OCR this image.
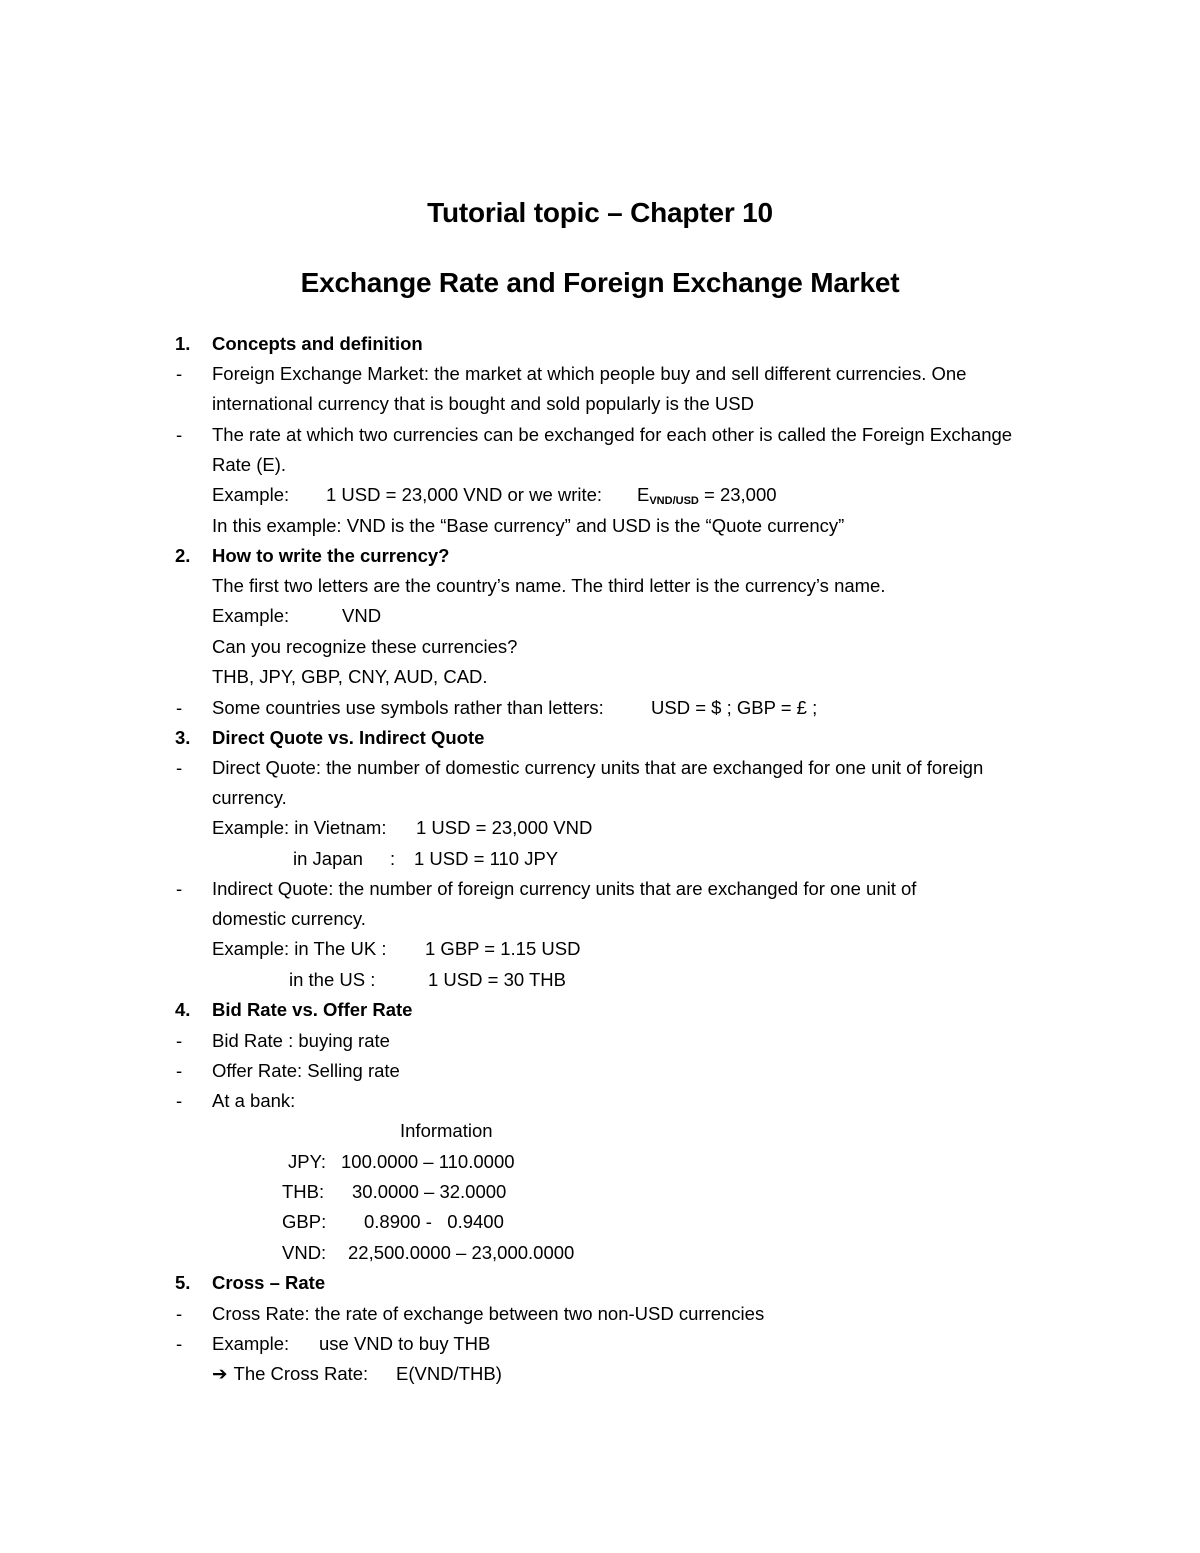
Tutorial topic – Chapter 10
Exchange Rate and Foreign Exchange Market
1. Concepts and definition
- Foreign Exchange Market: the market at which people buy and sell different currencies. One
international currency that is bought and sold popularly is the USD
- The rate at which two currencies can be exchanged for each other is called the Foreign Exchange
Rate (E).
Example: 1 USD = 23,000 VND or we write: $E_{VND/USD} = 23,000$
In this example: VND is the “Base currency” and USD is the “Quote currency”
2. How to write the currency?
The first two letters are the country’s name. The third letter is the currency’s name.
Example:	VND
Can you recognize these currencies?
THB, JPY, GBP, CNY, AUD, CAD.
- Some countries use symbols rather than letters:	USD = $ ; GBP = £ ;
3. Direct Quote vs. Indirect Quote
- Direct Quote: the number of domestic currency units that are exchanged for one unit of foreign
currency.
Example: in Vietnam: 1 USD = 23,000 VND
in Japan : 1 USD = 110 JPY
- Indirect Quote: the number of foreign currency units that are exchanged for one unit of
domestic currency.
Example: in The UK : 1 GBP = 1.15 USD
in the US :	1 USD = 30 THB
4. Bid Rate vs. Offer Rate
- Bid Rate : buying rate
- Offer Rate: Selling rate
- At a bank:
Information
JPY: 100.0000 – 110.0000
THB: 30.0000 – 32.0000
GBP: 0.8900 -   0.9400
VND: 22,500.0000 – 23,000.0000
5. Cross – Rate
- Cross Rate: the rate of exchange between two non-USD currencies
- Example: use VND to buy THB
➔ The Cross Rate: E(VND/THB)
